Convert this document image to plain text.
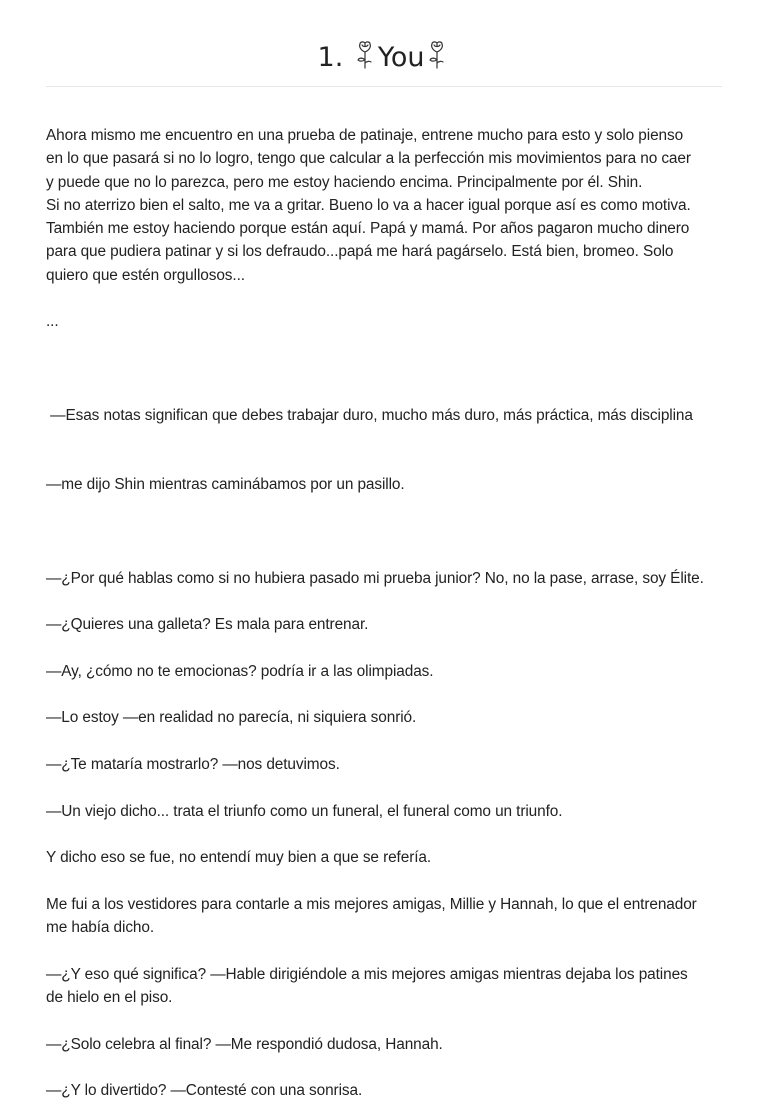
1. You

Ahora mismo me encuentro en una prueba de patinaje, entrene mucho para esto y solo pienso
en lo que pasará si no lo logro, tengo que calcular a la perfección mis movimientos para no caer
y puede que no lo parezca, pero me estoy haciendo encima. Principalmente por él. Shin.
Si no aterrizo bien el salto, me va a gritar. Bueno lo va a hacer igual porque así es como motiva.
También me estoy haciendo porque están aquí. Papá y mamá. Por años pagaron mucho dinero
para que pudiera patinar y si los defraudo...papá me hará pagárselo. Está bien, bromeo. Solo
quiero que estén orgullosos...

...

—Esas notas significan que debes trabajar duro, mucho más duro, más práctica, más disciplina

—me dijo Shin mientras caminábamos por un pasillo.

—¿Por qué hablas como si no hubiera pasado mi prueba junior? No, no la pase, arrase, soy Élite.

—¿Quieres una galleta? Es mala para entrenar.

—Ay, ¿cómo no te emocionas? podría ir a las olimpiadas.

—Lo estoy —en realidad no parecía, ni siquiera sonrió.

—¿Te mataría mostrarlo? —nos detuvimos.

—Un viejo dicho... trata el triunfo como un funeral, el funeral como un triunfo.

Y dicho eso se fue, no entendí muy bien a que se refería.

Me fui a los vestidores para contarle a mis mejores amigas, Millie y Hannah, lo que el entrenador
me había dicho.

—¿Y eso qué significa? —Hable dirigiéndole a mis mejores amigas mientras dejaba los patines
de hielo en el piso.

—¿Solo celebra al final? —Me respondió dudosa, Hannah.

—¿Y lo divertido? —Contesté con una sonrisa.
